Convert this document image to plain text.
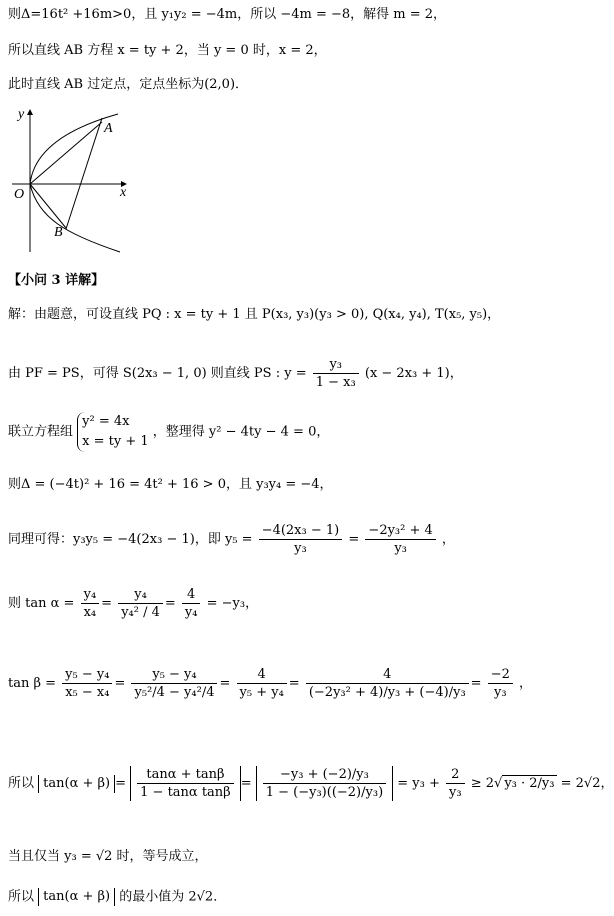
则Δ=16t² +16m>0，且 y₁y₂ = −4m，所以 −4m = −8，解得 m = 2，
所以直线 AB 方程 x = ty + 2，当 y = 0 时，x = 2，
此时直线 AB 过定点，定点坐标为(2,0)．
y
x
O
A
B
【小问 3 详解】
解：由题意，可设直线 PQ : x = ty + 1 且 P(x₃, y₃)(y₃ > 0), Q(x₄, y₄), T(x₅, y₅)，
由 PF = PS，可得 S(2x₃ − 1, 0) 则直线 PS : $y = \frac{\text{y₃}}{\text{1 − x₃}} (x - 2x_3 + 1)$，
联立方程组
y² = 4x
x = ty + 1
，整理得 y² − 4ty − 4 = 0，
则Δ = (−4t)² + 16 = 4t² + 16 > 0，且 y₃y₄ = −4，
同理可得：y₃y₅ = −4(2x₃ − 1)，即 $y_5 = \frac{\text{−4(2x₃ − 1)}}{\text{y₃}} = \frac{\text{−2y₃² + 4}}{\text{y₃}}$ ，
则 $\tan \alpha = \frac{\text{y₄}}{\text{x₄}} = \frac{\text{y₄}}{\text{y₄² / 4}} = \frac{4}{\text{y₄}} = -y_3$，
$\tan \beta = \frac{\text{y₅ − y₄}}{\text{x₅ − x₄}} = \frac{\text{y₅ − y₄}}{\text{y₅²/4 − y₄²/4}} = \frac{4}{\text{y₅ + y₄}} = \frac{4}{\text{(−2y₃² + 4)/y₃ + (−4)/y₃}} = \frac{-2}{\text{y₃}}$ ，
所以 $\tan(\alpha + \beta) = \frac{\tan\alpha + \tan\beta}{\text{1 − tanα tanβ}} = \frac{\text{−y₃ + (−2)/y₃}}{\text{1 − (−y₃)((−2)/y₃)}} = y_3 + \frac{2}{\text{y₃}} \ge 2√$ y₃ · 2/y₃ = 2√2，
当且仅当 y₃ = √2 时，等号成立，
所以 tan(α + β) 的最小值为 2√2．
